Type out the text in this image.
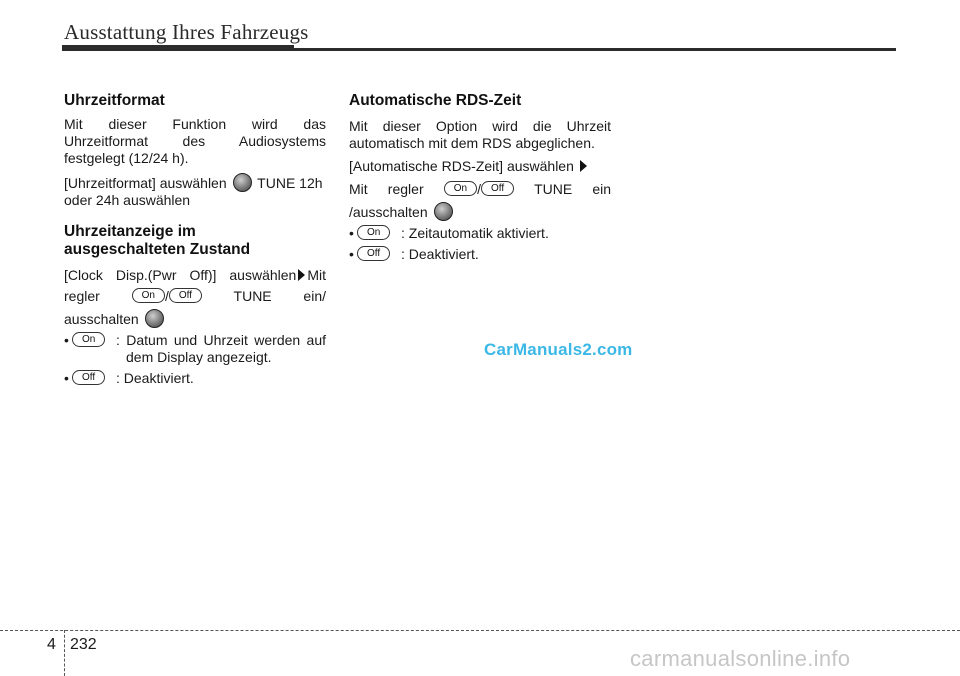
Ausstattung Ihres Fahrzeugs
Uhrzeitformat

Mit dieser Funktion wird das

Uhrzeitformat des Audiosystems

festgelegt (12/24 h).

[Uhrzeitformat] auswählen TUNE 12h

oder 24h auswählen

Uhrzeitanzeige im
ausgeschalteten Zustand

[Clock Disp.(Pwr Off)] auswählen Mit

regler	On / Off	TUNE ein/

ausschalten

•	On	: Datum und Uhrzeit werden auf
dem Display angezeigt.
•	Off	: Deaktiviert.
Automatische RDS-Zeit

Mit dieser Option wird die Uhrzeit

automatisch mit dem RDS abgeglichen.

[Automatische RDS-Zeit] auswählen

Mit regler	On / Off TUNE ein

/ausschalten

•	On	: Zeitautomatik aktiviert.
•	Off	: Deaktiviert.
CarManuals2.com
4 232
carmanualsonline.info
